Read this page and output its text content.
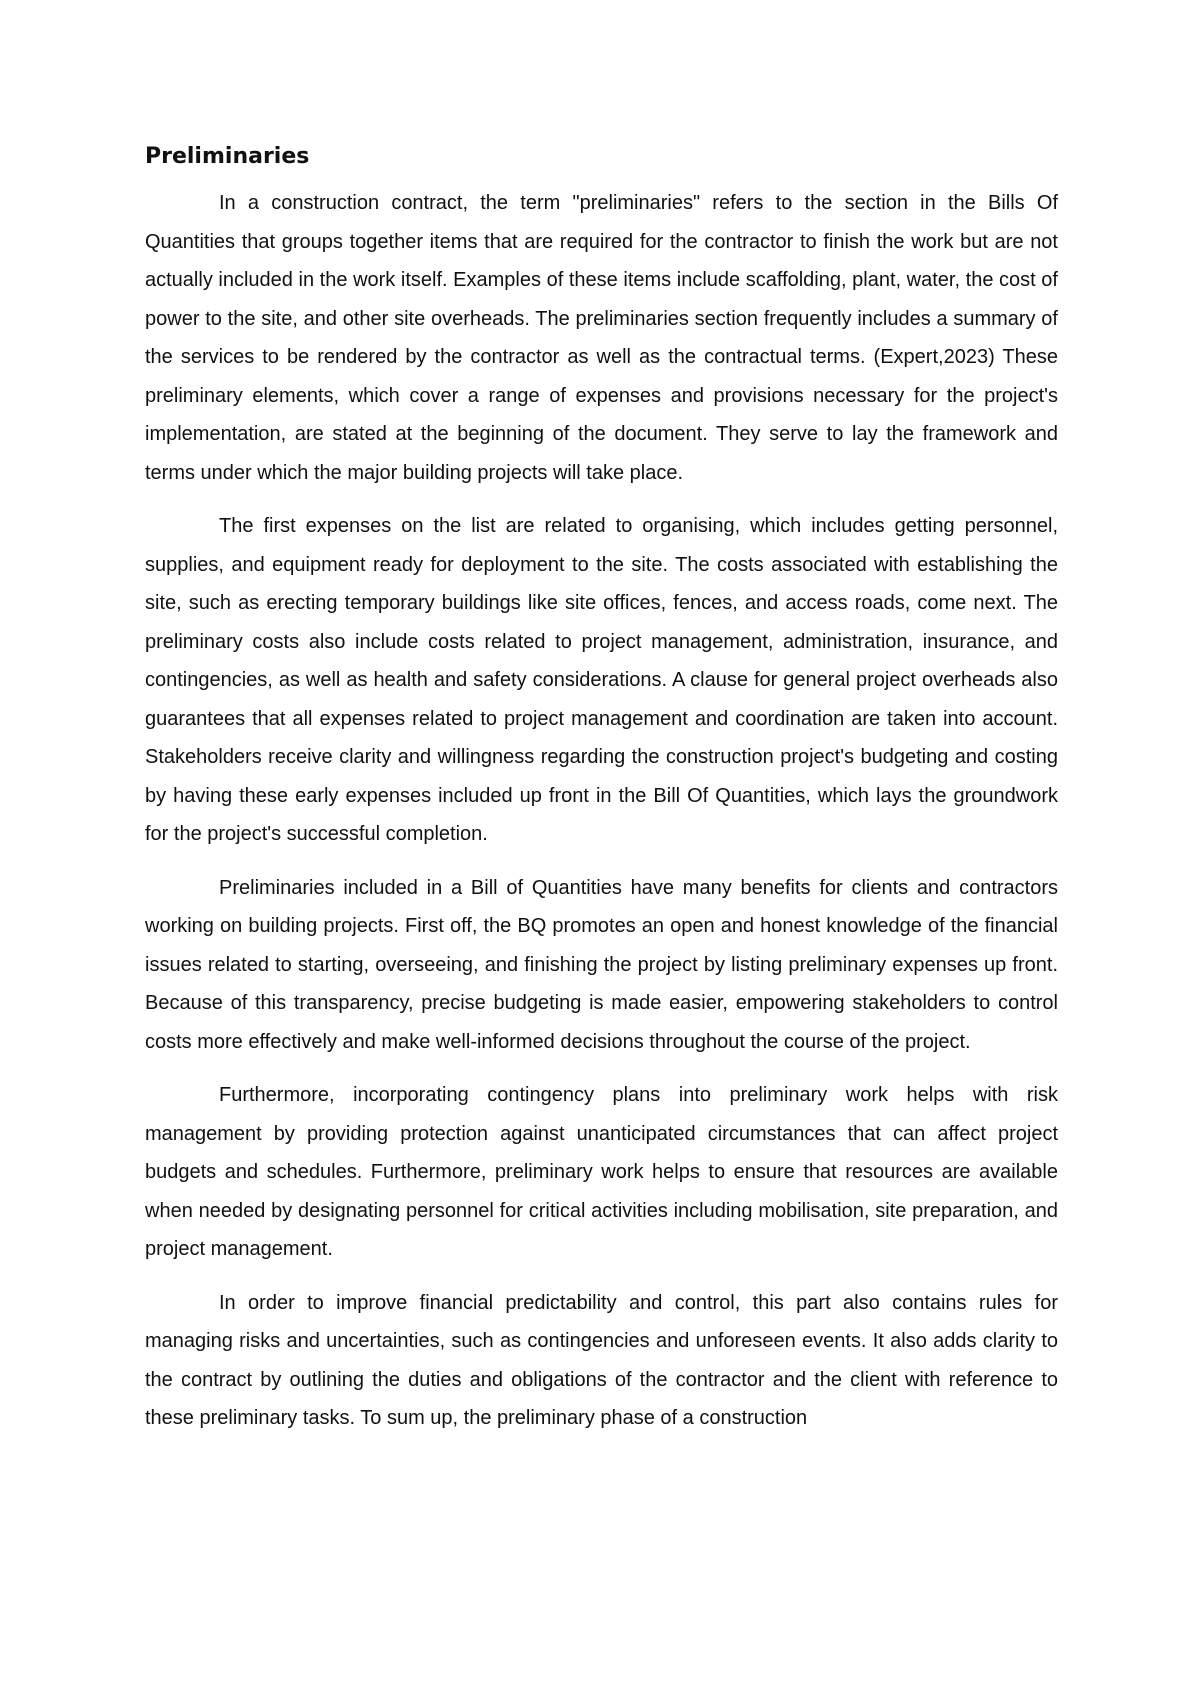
Preliminaries

In a construction contract, the term "preliminaries" refers to the section in the Bills Of Quantities that groups together items that are required for the contractor to finish the work but are not actually included in the work itself. Examples of these items include scaffolding, plant, water, the cost of power to the site, and other site overheads. The preliminaries section frequently includes a summary of the services to be rendered by the contractor as well as the contractual terms. (Expert,2023) These preliminary elements, which cover a range of expenses and provisions necessary for the project's implementation, are stated at the beginning of the document. They serve to lay the framework and terms under which the major building projects will take place.

The first expenses on the list are related to organising, which includes getting personnel, supplies, and equipment ready for deployment to the site. The costs associated with establishing the site, such as erecting temporary buildings like site offices, fences, and access roads, come next. The preliminary costs also include costs related to project management, administration, insurance, and contingencies, as well as health and safety considerations. A clause for general project overheads also guarantees that all expenses related to project management and coordination are taken into account. Stakeholders receive clarity and willingness regarding the construction project's budgeting and costing by having these early expenses included up front in the Bill Of Quantities, which lays the groundwork for the project's successful completion.

Preliminaries included in a Bill of Quantities have many benefits for clients and contractors working on building projects. First off, the BQ promotes an open and honest knowledge of the financial issues related to starting, overseeing, and finishing the project by listing preliminary expenses up front. Because of this transparency, precise budgeting is made easier, empowering stakeholders to control costs more effectively and make well-informed decisions throughout the course of the project.

Furthermore, incorporating contingency plans into preliminary work helps with risk management by providing protection against unanticipated circumstances that can affect project budgets and schedules. Furthermore, preliminary work helps to ensure that resources are available when needed by designating personnel for critical activities including mobilisation, site preparation, and project management.

In order to improve financial predictability and control, this part also contains rules for managing risks and uncertainties, such as contingencies and unforeseen events. It also adds clarity to the contract by outlining the duties and obligations of the contractor and the client with reference to these preliminary tasks. To sum up, the preliminary phase of a construction
